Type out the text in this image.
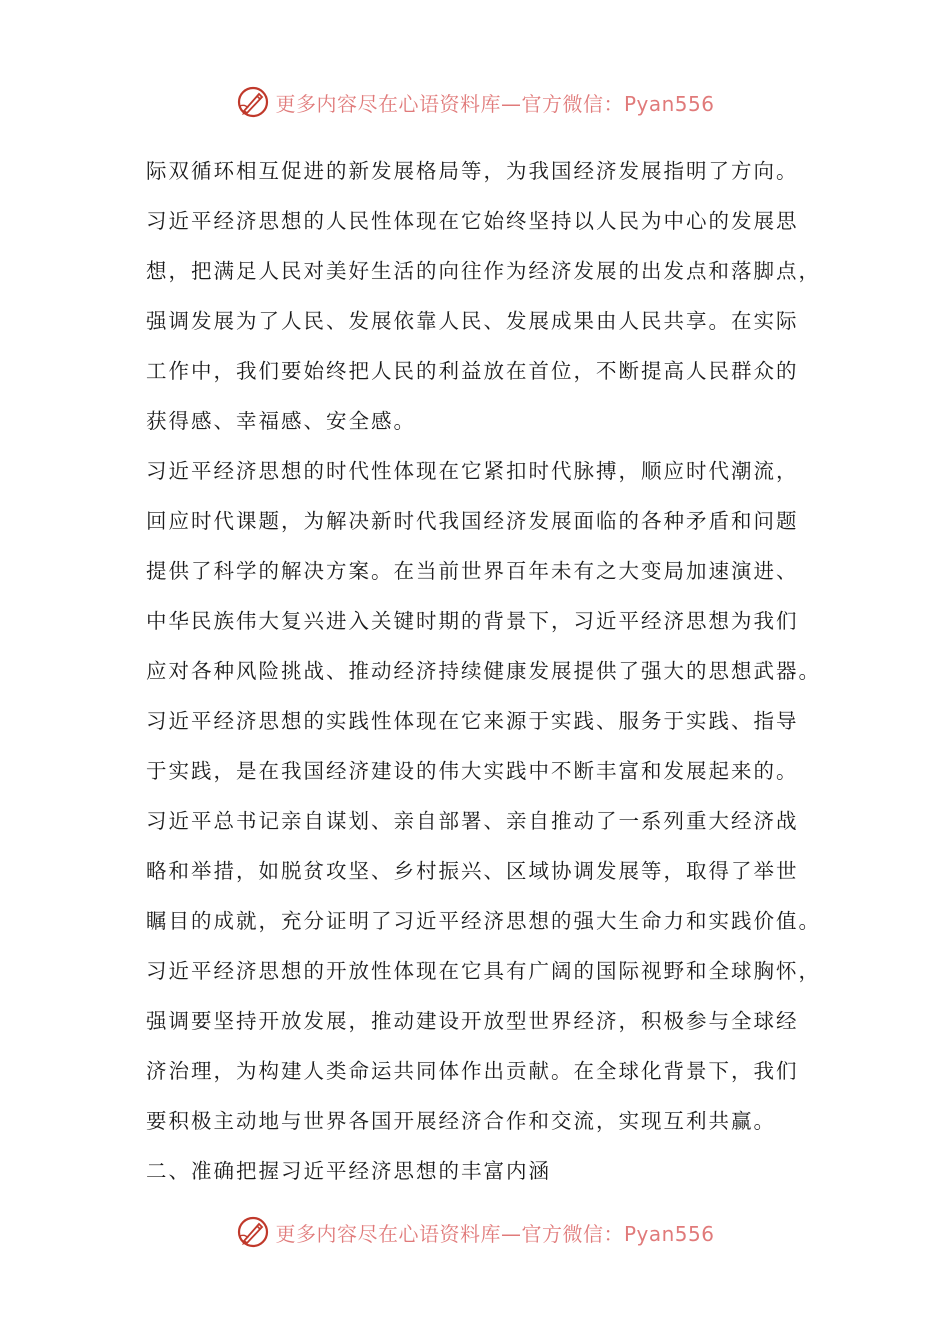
更多内容尽在心语资料库—官方微信：Pyan556
际双循环相互促进的新发展格局等，为我国经济发展指明了方向。
习近平经济思想的人民性体现在它始终坚持以人民为中心的发展思
想，把满足人民对美好生活的向往作为经济发展的出发点和落脚点，
强调发展为了人民、发展依靠人民、发展成果由人民共享。在实际
工作中，我们要始终把人民的利益放在首位，不断提高人民群众的
获得感、幸福感、安全感。
习近平经济思想的时代性体现在它紧扣时代脉搏，顺应时代潮流，
回应时代课题，为解决新时代我国经济发展面临的各种矛盾和问题
提供了科学的解决方案。在当前世界百年未有之大变局加速演进、
中华民族伟大复兴进入关键时期的背景下，习近平经济思想为我们
应对各种风险挑战、推动经济持续健康发展提供了强大的思想武器。
习近平经济思想的实践性体现在它来源于实践、服务于实践、指导
于实践，是在我国经济建设的伟大实践中不断丰富和发展起来的。
习近平总书记亲自谋划、亲自部署、亲自推动了一系列重大经济战
略和举措，如脱贫攻坚、乡村振兴、区域协调发展等，取得了举世
瞩目的成就，充分证明了习近平经济思想的强大生命力和实践价值。
习近平经济思想的开放性体现在它具有广阔的国际视野和全球胸怀，
强调要坚持开放发展，推动建设开放型世界经济，积极参与全球经
济治理，为构建人类命运共同体作出贡献。在全球化背景下，我们
要积极主动地与世界各国开展经济合作和交流，实现互利共赢。
二、准确把握习近平经济思想的丰富内涵
更多内容尽在心语资料库—官方微信：Pyan556
